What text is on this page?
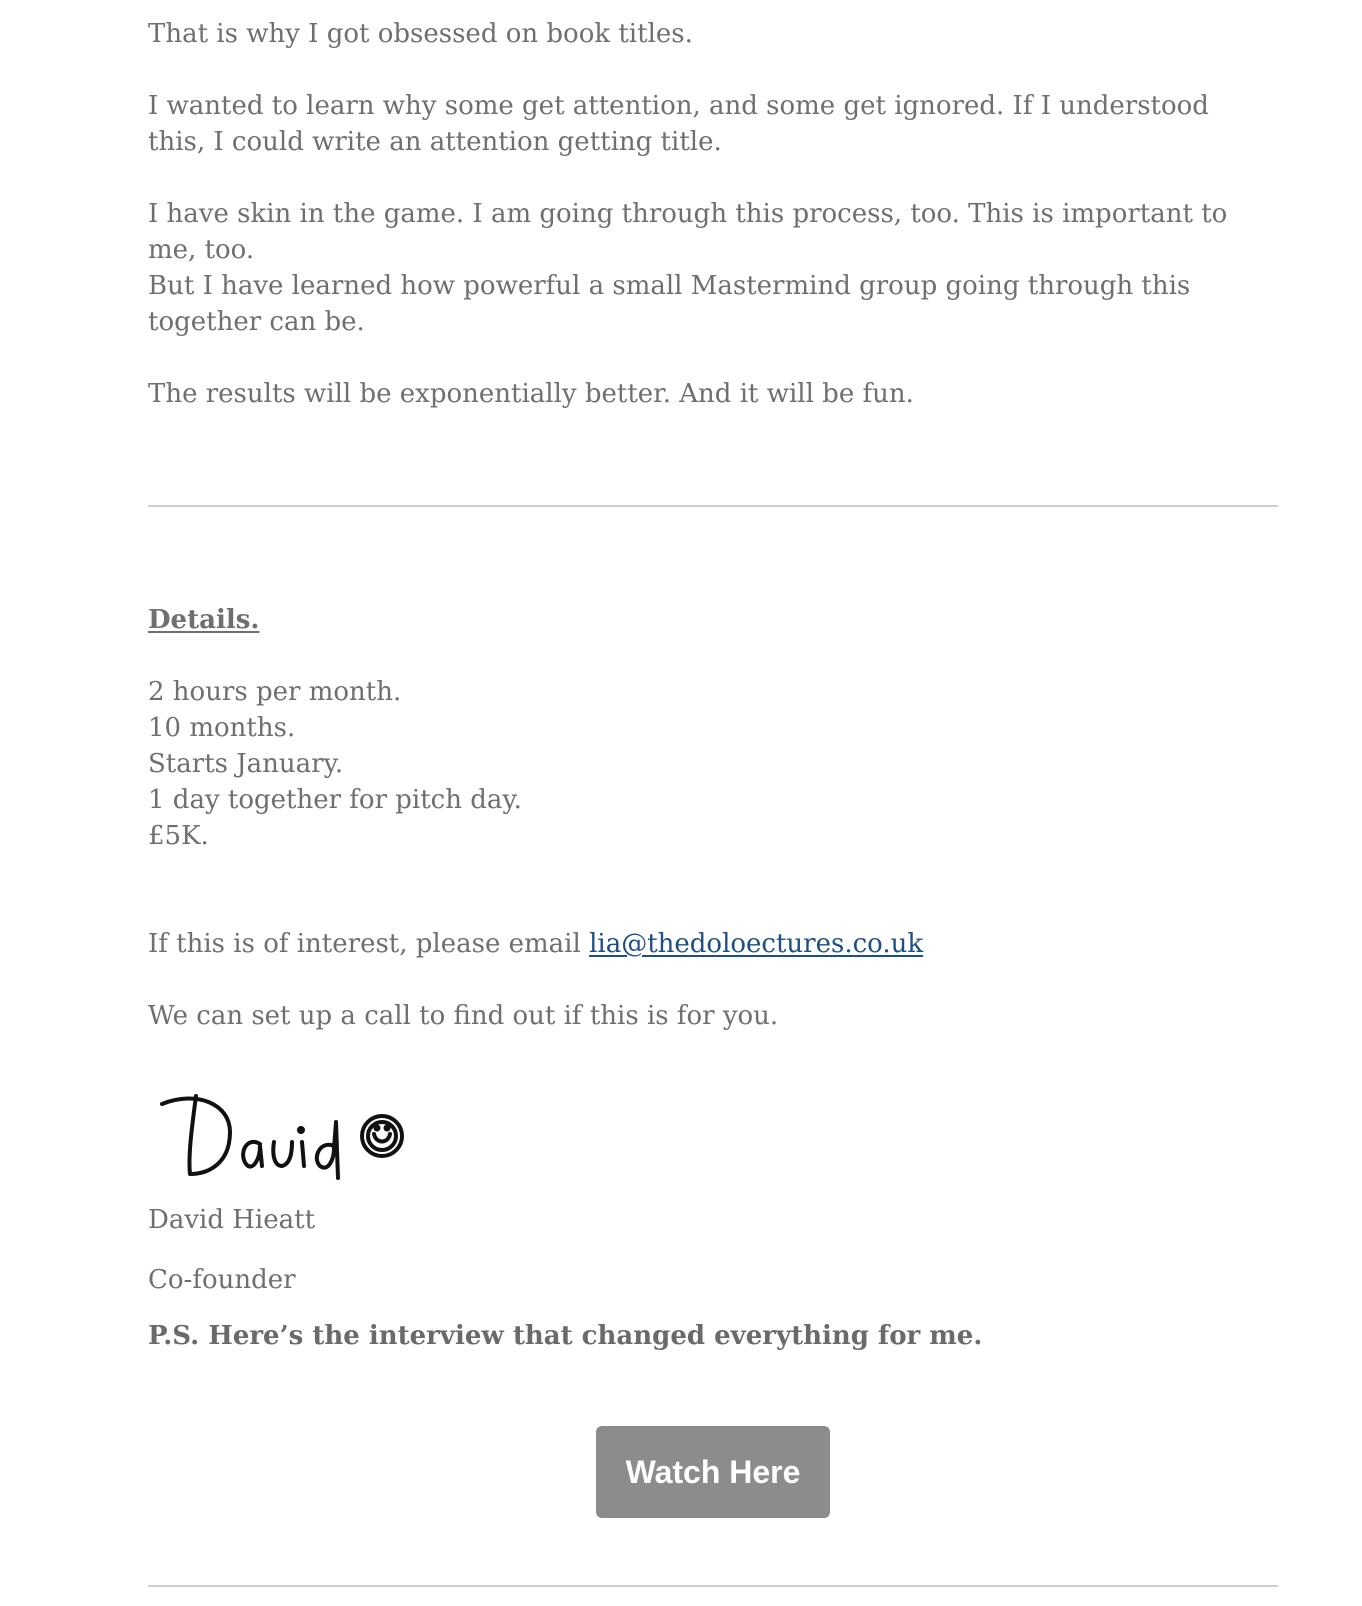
That is why I got obsessed on book titles.

I wanted to learn why some get attention, and some get ignored. If I understood this, I could write an attention getting title.

I have skin in the game. I am going through this process, too. This is important to me, too.

But I have learned how powerful a small Mastermind group going through this together can be.

The results will be exponentially better. And it will be fun.

Details.

2 hours per month.
10 months.
Starts January.
1 day together for pitch day.
£5K.

If this is of interest, please email lia@thedoloectures.co.uk

We can set up a call to find out if this is for you.

David Hieatt

Co-founder

P.S. Here’s the interview that changed everything for me.

Watch Here
